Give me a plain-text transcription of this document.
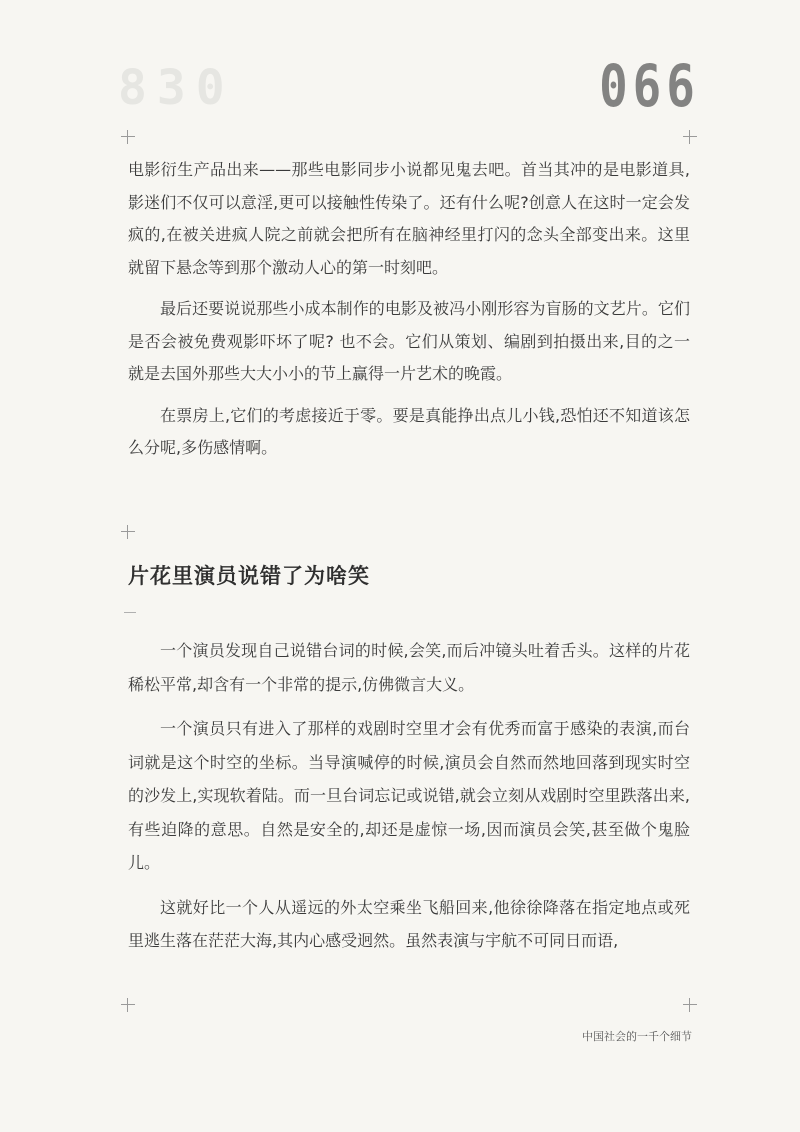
830	066

电影衍生产品出来——那些电影同步小说都见鬼去吧。首当其冲的是电影道具,影迷们不仅可以意淫,更可以接触性传染了。还有什么呢?创意人在这时一定会发疯的,在被关进疯人院之前就会把所有在脑神经里打闪的念头全部变出来。这里就留下悬念等到那个激动人心的第一时刻吧。

最后还要说说那些小成本制作的电影及被冯小刚形容为盲肠的文艺片。它们是否会被免费观影吓坏了呢? 也不会。它们从策划、编剧到拍摄出来,目的之一就是去国外那些大大小小的节上赢得一片艺术的晚霞。

在票房上,它们的考虑接近于零。要是真能挣出点儿小钱,恐怕还不知道该怎么分呢,多伤感情啊。

片花里演员说错了为啥笑

一个演员发现自己说错台词的时候,会笑,而后冲镜头吐着舌头。这样的片花稀松平常,却含有一个非常的提示,仿佛微言大义。

一个演员只有进入了那样的戏剧时空里才会有优秀而富于感染的表演,而台词就是这个时空的坐标。当导演喊停的时候,演员会自然而然地回落到现实时空的沙发上,实现软着陆。而一旦台词忘记或说错,就会立刻从戏剧时空里跌落出来,有些迫降的意思。自然是安全的,却还是虚惊一场,因而演员会笑,甚至做个鬼脸儿。

这就好比一个人从遥远的外太空乘坐飞船回来,他徐徐降落在指定地点或死里逃生落在茫茫大海,其内心感受迥然。虽然表演与宇航不可同日而语,

中国社会的一千个细节
